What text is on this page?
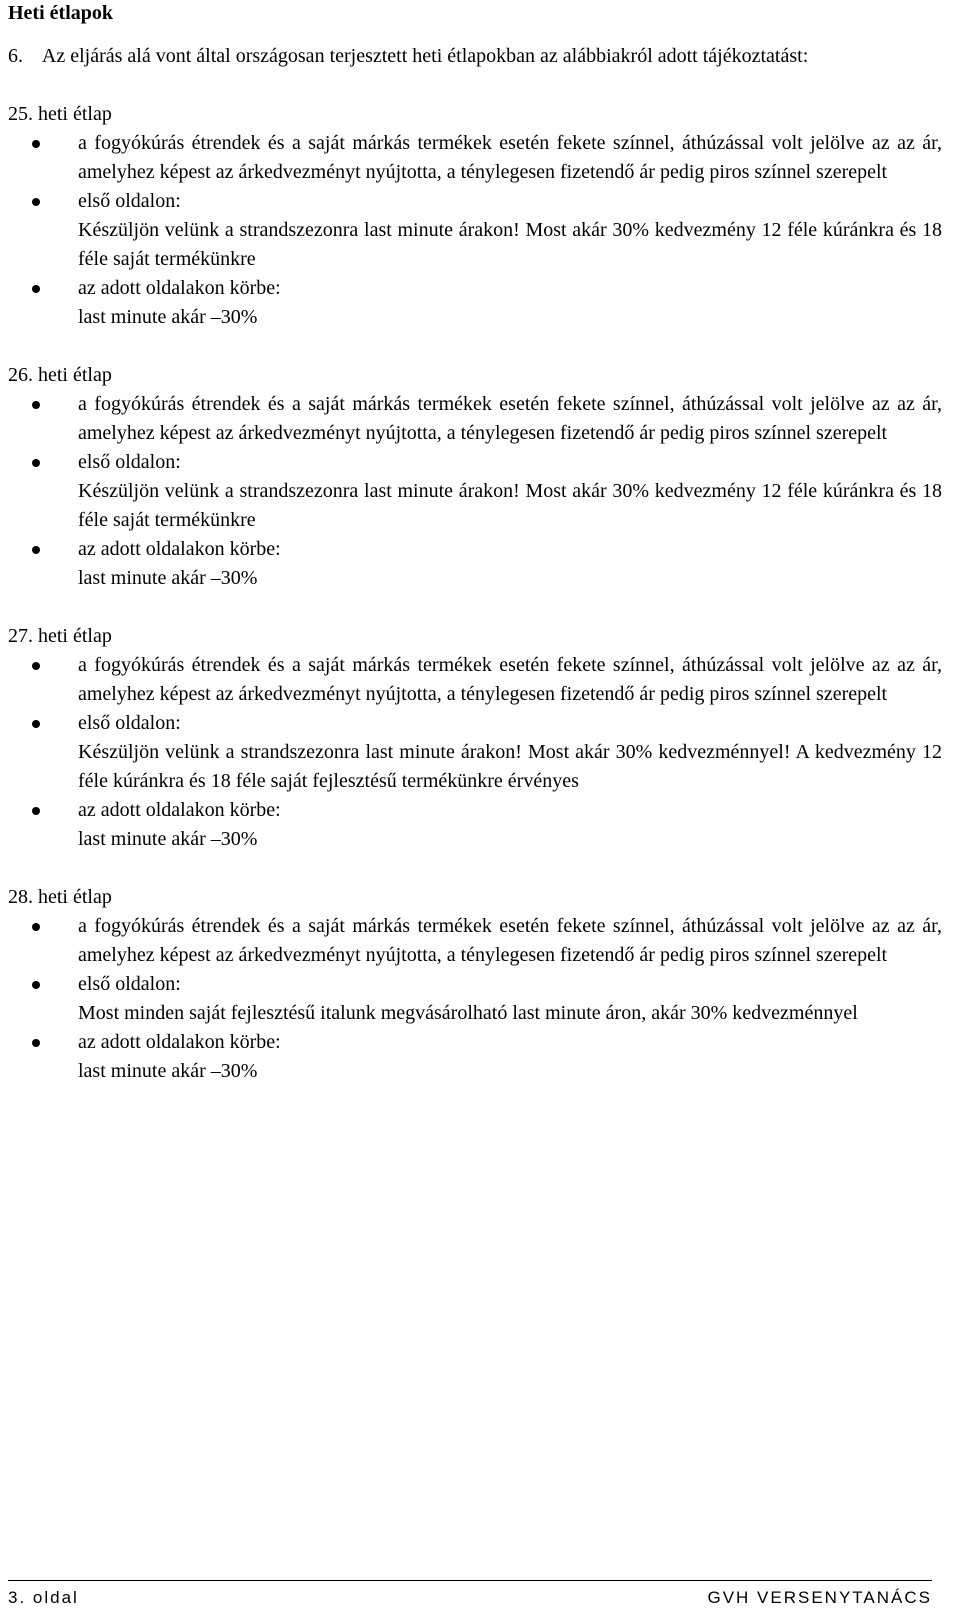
Heti étlapok

6. Az eljárás alá vont által országosan terjesztett heti étlapokban az alábbiakról adott tájékoztatást:

25. heti étlap

a fogyókúrás étrendek és a saját márkás termékek esetén fekete színnel, áthúzással volt jelölve az az ár, amelyhez képest az árkedvezményt nyújtotta, a ténylegesen fizetendő ár pedig piros színnel szerepelt
első oldalon:
Készüljön velünk a strandszezonra last minute árakon! Most akár 30% kedvezmény 12 féle kúránkra és 18 féle saját termékünkre
az adott oldalakon körbe:
last minute akár –30%

26. heti étlap

a fogyókúrás étrendek és a saját márkás termékek esetén fekete színnel, áthúzással volt jelölve az az ár, amelyhez képest az árkedvezményt nyújtotta, a ténylegesen fizetendő ár pedig piros színnel szerepelt
első oldalon:
Készüljön velünk a strandszezonra last minute árakon! Most akár 30% kedvezmény 12 féle kúránkra és 18 féle saját termékünkre
az adott oldalakon körbe:
last minute akár –30%

27. heti étlap

a fogyókúrás étrendek és a saját márkás termékek esetén fekete színnel, áthúzással volt jelölve az az ár, amelyhez képest az árkedvezményt nyújtotta, a ténylegesen fizetendő ár pedig piros színnel szerepelt
első oldalon:
Készüljön velünk a strandszezonra last minute árakon! Most akár 30% kedvezménnyel! A kedvezmény 12 féle kúránkra és 18 féle saját fejlesztésű termékünkre érvényes
az adott oldalakon körbe:
last minute akár –30%

28. heti étlap

a fogyókúrás étrendek és a saját márkás termékek esetén fekete színnel, áthúzással volt jelölve az az ár, amelyhez képest az árkedvezményt nyújtotta, a ténylegesen fizetendő ár pedig piros színnel szerepelt
első oldalon:
Most minden saját fejlesztésű italunk megvásárolható last minute áron, akár 30% kedvezménnyel
az adott oldalakon körbe:
last minute akár –30%
3. oldal	GVH VERSENYTANÁCS
